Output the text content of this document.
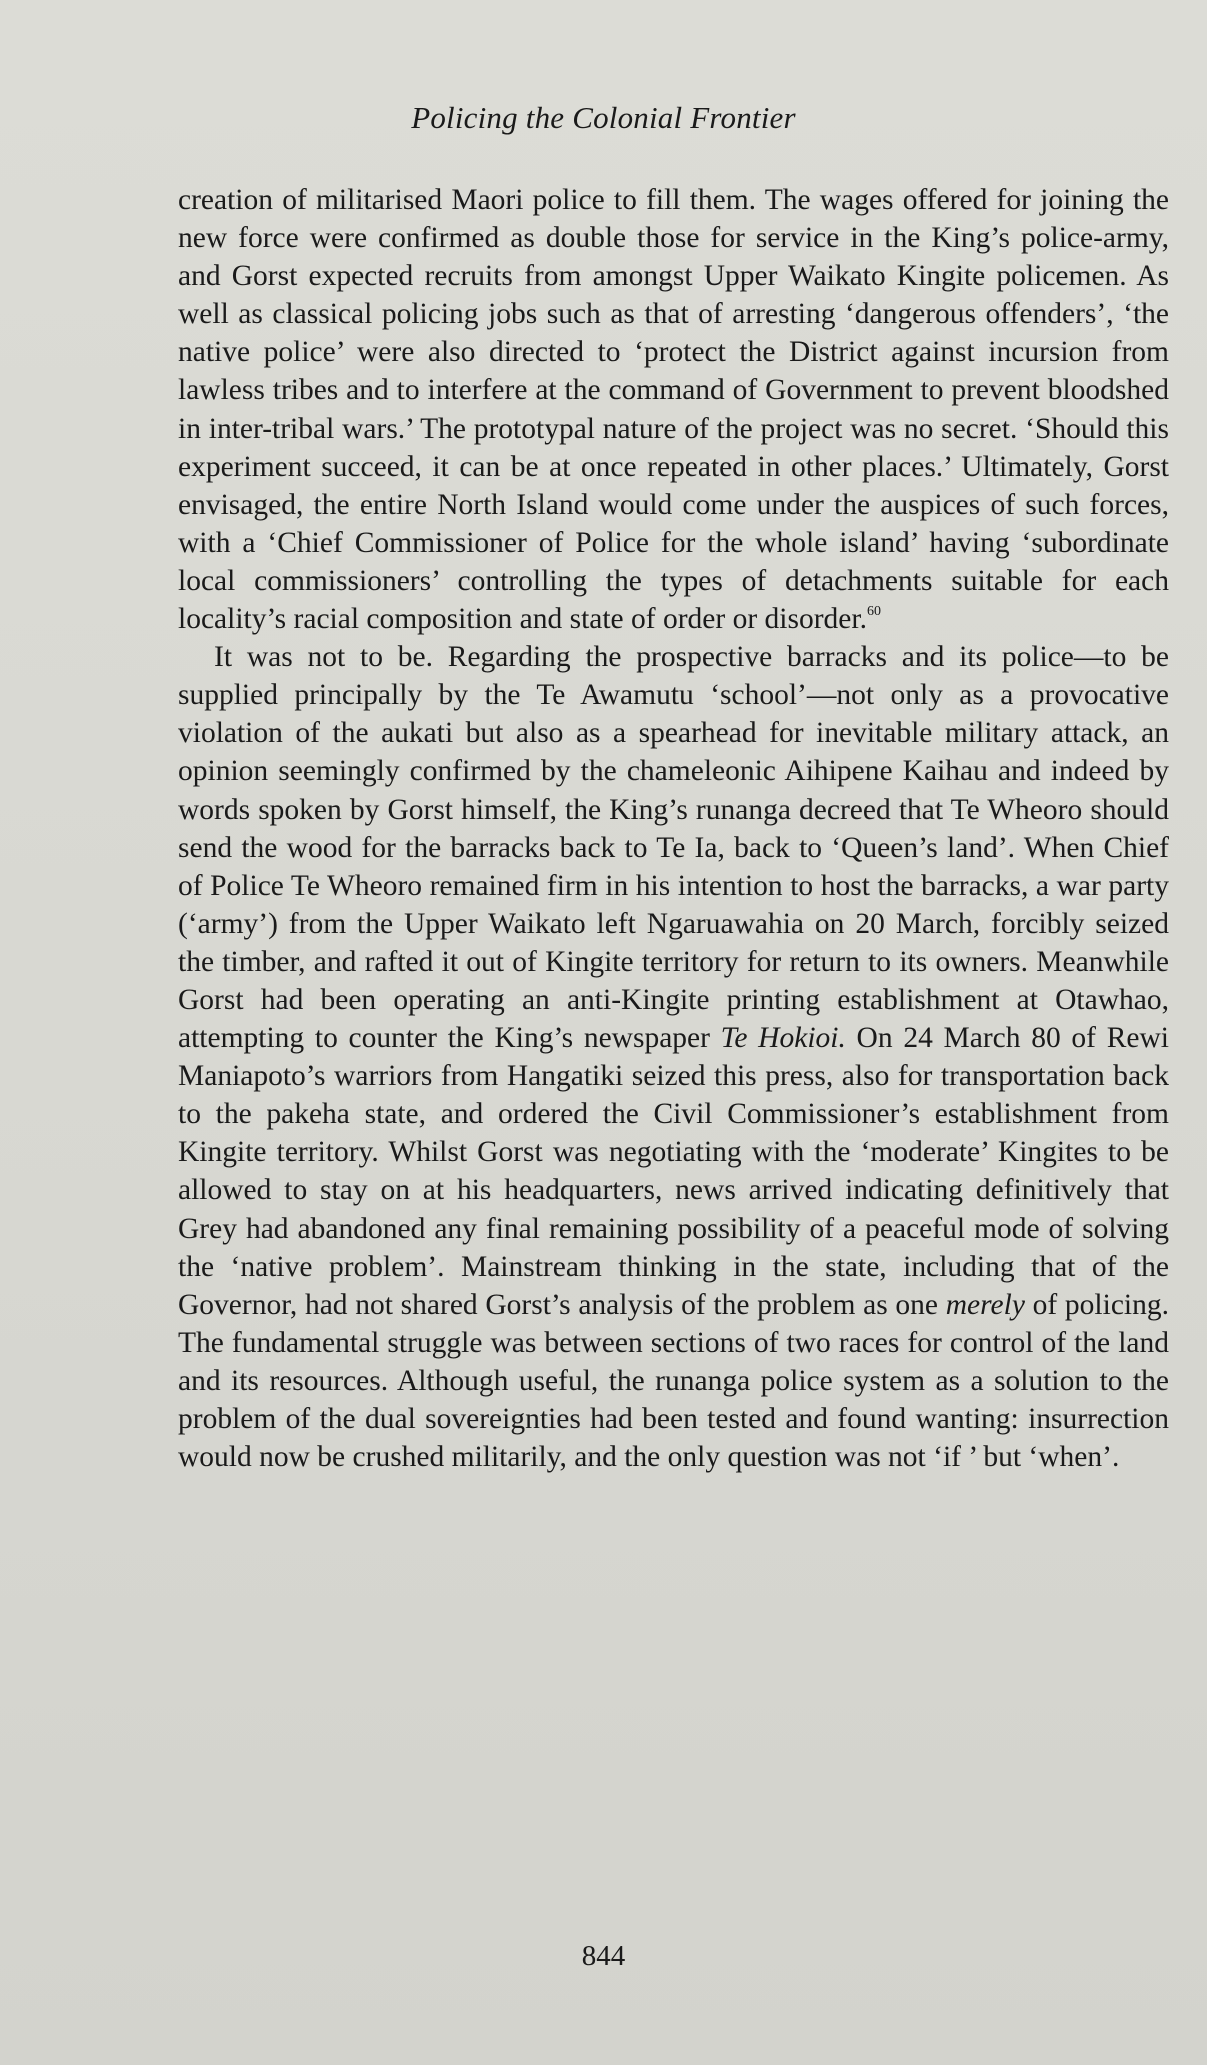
Policing the Colonial Frontier

creation of militarised Maori police to fill them. The wages offered for joining the new force were confirmed as double those for service in the King’s police-army, and Gorst expected recruits from amongst Upper Waikato Kingite policemen. As well as classical policing jobs such as that of arresting ‘dangerous offenders’, ‘the native police’ were also directed to ‘protect the District against incursion from lawless tribes and to interfere at the command of Government to prevent bloodshed in inter-tribal wars.’ The prototypal nature of the project was no secret. ‘Should this experiment succeed, it can be at once repeated in other places.’ Ultimately, Gorst envisaged, the entire North Island would come under the auspices of such forces, with a ‘Chief Commissioner of Police for the whole island’ having ‘subordinate local commissioners’ controlling the types of detachments suitable for each locality’s racial composition and state of order or disorder.$^{60}$

It was not to be. Regarding the prospective barracks and its police—to be supplied principally by the Te Awamutu ‘school’—not only as a provocative violation of the aukati but also as a spearhead for inevitable military attack, an opinion seemingly confirmed by the chameleonic Aihipene Kaihau and indeed by words spoken by Gorst himself, the King’s runanga decreed that Te Wheoro should send the wood for the barracks back to Te Ia, back to ‘Queen’s land’. When Chief of Police Te Wheoro remained firm in his intention to host the barracks, a war party (‘army’) from the Upper Waikato left Ngaruawahia on 20 March, forcibly seized the timber, and rafted it out of Kingite territory for return to its owners. Meanwhile Gorst had been operating an anti-Kingite printing establishment at Otawhao, attempting to counter the King’s newspaper Te Hokioi. On 24 March 80 of Rewi Maniapoto’s warriors from Hangatiki seized this press, also for transportation back to the pakeha state, and ordered the Civil Commissioner’s establishment from Kingite territory. Whilst Gorst was negotiating with the ‘moderate’ Kingites to be allowed to stay on at his headquarters, news arrived indicating definitively that Grey had abandoned any final remaining possibility of a peaceful mode of solving the ‘native problem’. Mainstream thinking in the state, including that of the Governor, had not shared Gorst’s analysis of the problem as one merely of policing. The fundamental struggle was between sections of two races for control of the land and its resources. Although useful, the runanga police system as a solution to the problem of the dual sovereignties had been tested and found wanting: insurrection would now be crushed militarily, and the only question was not ‘if ’ but ‘when’.

844
